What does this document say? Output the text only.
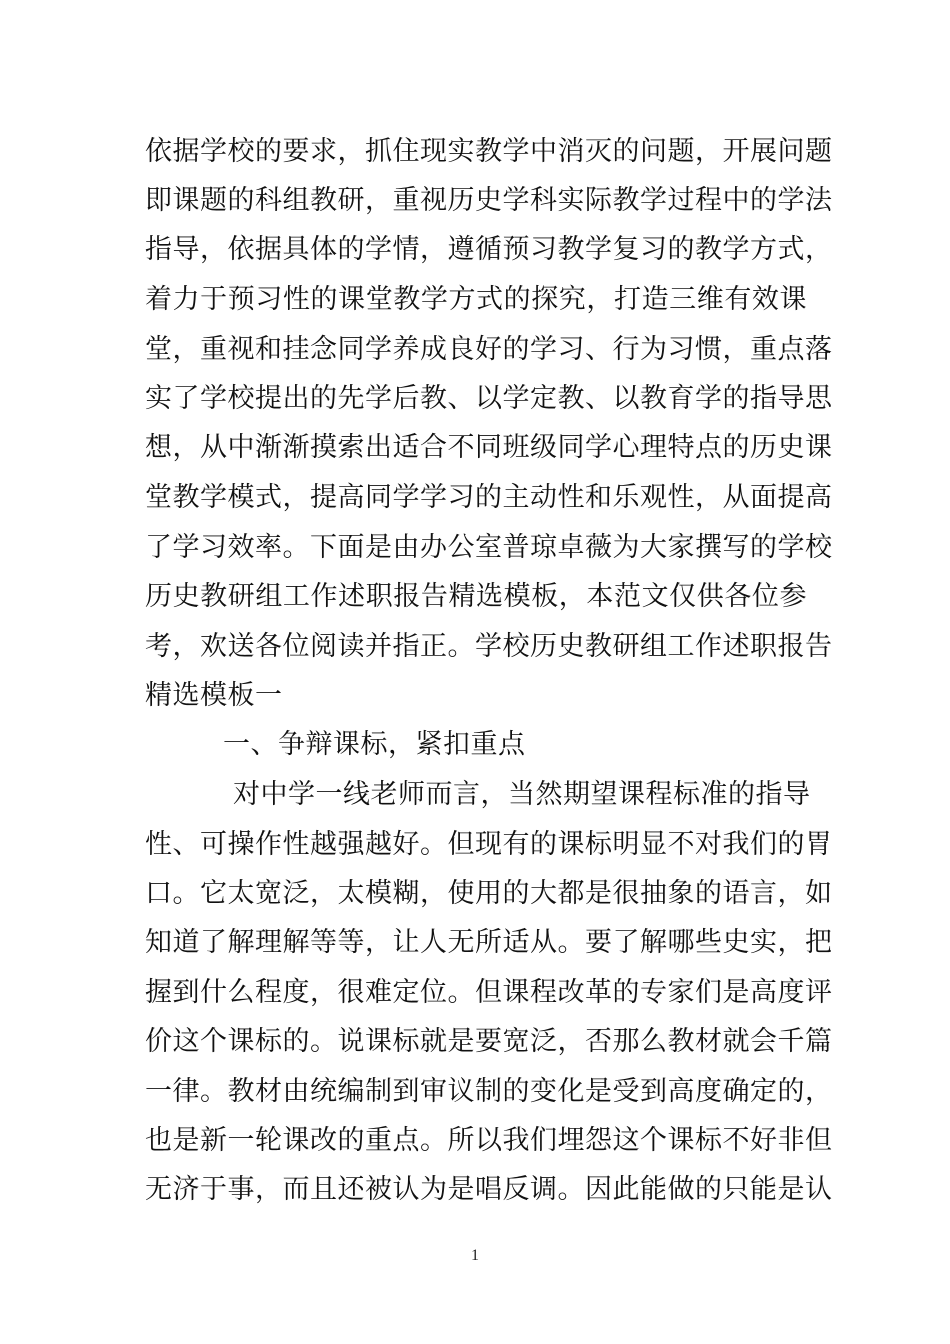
依据学校的要求，抓住现实教学中消灭的问题，开展问题
即课题的科组教研，重视历史学科实际教学过程中的学法
指导，依据具体的学情，遵循预习教学复习的教学方式，
着力于预习性的课堂教学方式的探究，打造三维有效课
堂，重视和挂念同学养成良好的学习、行为习惯，重点落
实了学校提出的先学后教、以学定教、以教育学的指导思
想，从中渐渐摸索出适合不同班级同学心理特点的历史课
堂教学模式，提高同学学习的主动性和乐观性，从面提高
了学习效率。下面是由办公室普琼卓薇为大家撰写的学校
历史教研组工作述职报告精选模板，本范文仅供各位参
考，欢送各位阅读并指正。学校历史教研组工作述职报告
精选模板一
一、争辩课标，紧扣重点
对中学一线老师而言，当然期望课程标准的指导
性、可操作性越强越好。但现有的课标明显不对我们的胃
口。它太宽泛，太模糊，使用的大都是很抽象的语言，如
知道了解理解等等，让人无所适从。要了解哪些史实，把
握到什么程度，很难定位。但课程改革的专家们是高度评
价这个课标的。说课标就是要宽泛，否那么教材就会千篇
一律。教材由统编制到审议制的变化是受到高度确定的，
也是新一轮课改的重点。所以我们埋怨这个课标不好非但
无济于事，而且还被认为是唱反调。因此能做的只能是认
1
